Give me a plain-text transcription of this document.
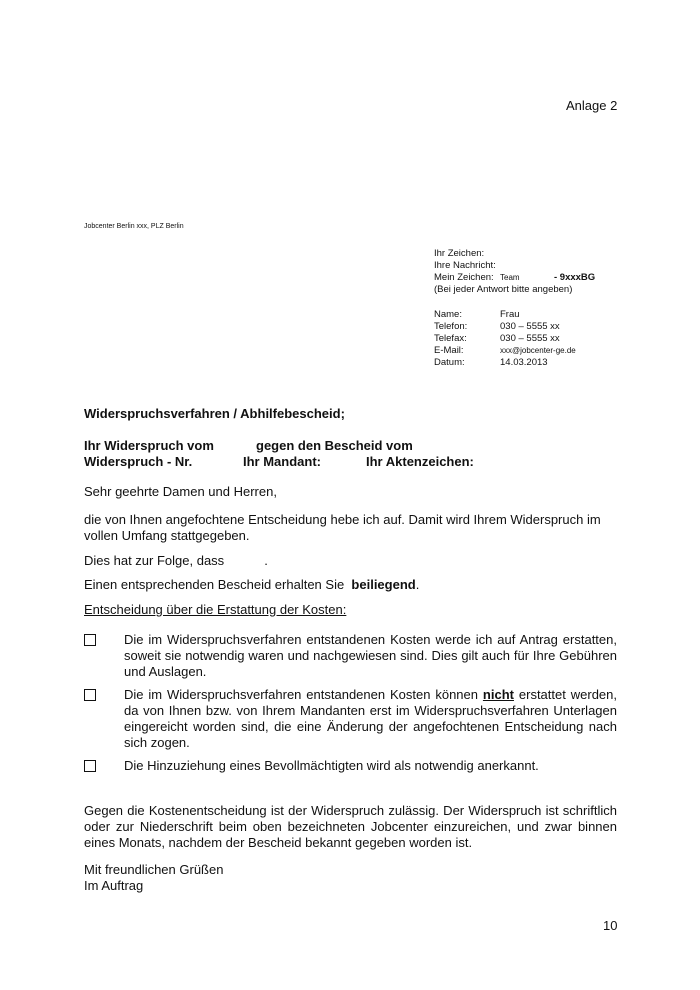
Anlage 2
Jobcenter Berlin xxx, PLZ Berlin
Ihr Zeichen:
Ihre Nachricht:
Mein Zeichen: Team	- 9xxxBG
(Bei jeder Antwort bitte angeben)
Name:	Frau
Telefon:	030 – 5555 xx
Telefax:	030 – 5555 xx
E-Mail:	xxx@jobcenter-ge.de
Datum:	14.03.2013
Widerspruchsverfahren / Abhilfebescheid;
Ihr Widerspruch vom	gegen den Bescheid vom
Widerspruch - Nr.	Ihr Mandant:	Ihr Aktenzeichen:
Sehr geehrte Damen und Herren,
die von Ihnen angefochtene Entscheidung hebe ich auf. Damit wird Ihrem Widerspruch im vollen Umfang stattgegeben.
Dies hat zur Folge, dass	.
Einen entsprechenden Bescheid erhalten Sie beiliegend.
Entscheidung über die Erstattung der Kosten:
Die im Widerspruchsverfahren entstandenen Kosten werde ich auf Antrag erstatten, soweit sie notwendig waren und nachgewiesen sind. Dies gilt auch für Ihre Gebühren und Auslagen.
Die im Widerspruchsverfahren entstandenen Kosten können nicht erstattet werden, da von Ihnen bzw. von Ihrem Mandanten erst im Widerspruchsverfahren Unterlagen eingereicht worden sind, die eine Änderung der angefochtenen Entscheidung nach sich zogen.
Die Hinzuziehung eines Bevollmächtigten wird als notwendig anerkannt.
Gegen die Kostenentscheidung ist der Widerspruch zulässig. Der Widerspruch ist schriftlich oder zur Niederschrift beim oben bezeichneten Jobcenter einzureichen, und zwar binnen eines Monats, nachdem der Bescheid bekannt gegeben worden ist.
Mit freundlichen Grüßen
Im Auftrag
10
